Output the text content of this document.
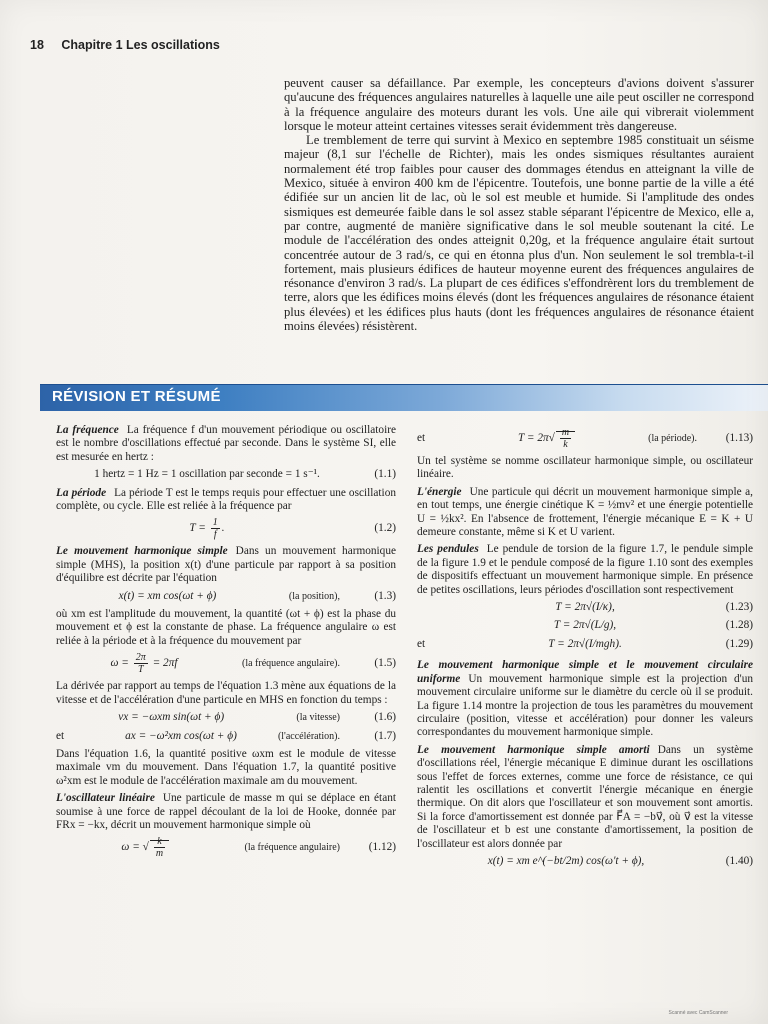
18 Chapitre 1 Les oscillations

peuvent causer sa défaillance. Par exemple, les concepteurs d'avions doivent s'assurer qu'aucune des fréquences angulaires naturelles à laquelle une aile peut osciller ne correspond à la fréquence angulaire des moteurs durant les vols. Une aile qui vibrerait violemment lorsque le moteur atteint certaines vitesses serait évidemment très dangereuse.

Le tremblement de terre qui survint à Mexico en septembre 1985 constituait un séisme majeur (8,1 sur l'échelle de Richter), mais les ondes sismiques résultantes auraient normalement été trop faibles pour causer des dommages étendus en atteignant la ville de Mexico, située à environ 400 km de l'épicentre. Toutefois, une bonne partie de la ville a été édifiée sur un ancien lit de lac, où le sol est meuble et humide. Si l'amplitude des ondes sismiques est demeurée faible dans le sol assez stable séparant l'épicentre de Mexico, elle a, par contre, augmenté de manière significative dans le sol meuble soutenant la cité. Le module de l'accélération des ondes atteignit 0,20g, et la fréquence angulaire était surtout concentrée autour de 3 rad/s, ce qui en étonna plus d'un. Non seulement le sol trembla-t-il fortement, mais plusieurs édifices de hauteur moyenne eurent des fréquences angulaires de résonance d'environ 3 rad/s. La plupart de ces édifices s'effondrèrent lors du tremblement de terre, alors que les édifices moins élevés (dont les fréquences angulaires de résonance étaient plus élevées) et les édifices plus hauts (dont les fréquences angulaires de résonance étaient moins élevées) résistèrent.

RÉVISION ET RÉSUMÉ

La fréquence La fréquence f d'un mouvement périodique ou oscillatoire est le nombre d'oscillations effectué par seconde. Dans le système SI, elle est mesurée en hertz :

1 hertz = 1 Hz = 1 oscillation par seconde = 1 s⁻¹.	(1.1)

La période La période T est le temps requis pour effectuer une oscillation complète, ou cycle. Elle est reliée à la fréquence par

$T = \frac{1}{f}$ .	(1.2)

Le mouvement harmonique simple Dans un mouvement harmonique simple (MHS), la position x(t) d'une particule par rapport à sa position d'équilibre est décrite par l'équation

x(t) = xm cos(ωt + ϕ)	(la position),	(1.3)

où xm est l'amplitude du mouvement, la quantité (ωt + ϕ) est la phase du mouvement et ϕ est la constante de phase. La fréquence angulaire ω est reliée à la période et à la fréquence du mouvement par

$\omega = \frac{2\pi}{T} = 2\pi f$	(la fréquence angulaire).	(1.5)

La dérivée par rapport au temps de l'équation 1.3 mène aux équations de la vitesse et de l'accélération d'une particule en MHS en fonction du temps :

vx = −ωxm sin(ωt + ϕ)	(la vitesse)	(1.6)
et	ax = −ω²xm cos(ωt + ϕ)	(l'accélération).	(1.7)

Dans l'équation 1.6, la quantité positive ωxm est le module de vitesse maximale vm du mouvement. Dans l'équation 1.7, la quantité positive ω²xm est le module de l'accélération maximale am du mouvement.

L'oscillateur linéaire Une particule de masse m qui se déplace en étant soumise à une force de rappel découlant de la loi de Hooke, donnée par FRx = −kx, décrit un mouvement harmonique simple où

ω = √ $\frac{k}{m}$	(la fréquence angulaire)	(1.12)
et	$T = 2\pi√ \frac{m}{k}$	(la période).	(1.13)

Un tel système se nomme oscillateur harmonique simple, ou oscillateur linéaire.

L'énergie Une particule qui décrit un mouvement harmonique simple a, en tout temps, une énergie cinétique K = ½mv² et une énergie potentielle U = ½kx². En l'absence de frottement, l'énergie mécanique E = K + U demeure constante, même si K et U varient.

Les pendules Le pendule de torsion de la figure 1.7, le pendule simple de la figure 1.9 et le pendule composé de la figure 1.10 sont des exemples de dispositifs effectuant un mouvement harmonique simple. En présence de petites oscillations, leurs périodes d'oscillation sont respectivement

T = 2π√(I/κ),	(1.23)
T = 2π√(L/g),	(1.28)
et	T = 2π√(I/mgh).	(1.29)

Le mouvement harmonique simple et le mouvement circulaire uniforme Un mouvement harmonique simple est la projection d'un mouvement circulaire uniforme sur le diamètre du cercle où il se produit. La figure 1.14 montre la projection de tous les paramètres du mouvement circulaire (position, vitesse et accélération) pour donner les valeurs correspondantes du mouvement harmonique simple.

Le mouvement harmonique simple amorti Dans un système d'oscillations réel, l'énergie mécanique E diminue durant les oscillations sous l'effet de forces externes, comme une force de résistance, ce qui ralentit les oscillations et convertit l'énergie mécanique en énergie thermique. On dit alors que l'oscillateur et son mouvement sont amortis. Si la force d'amortissement est donnée par F⃗A = −bv⃗, où v⃗ est la vitesse de l'oscillateur et b est une constante d'amortissement, la position de l'oscillateur est alors donnée par

x(t) = xm e^(−bt/2m) cos(ω′t + ϕ),	(1.40)
Scanné avec CamScanner
